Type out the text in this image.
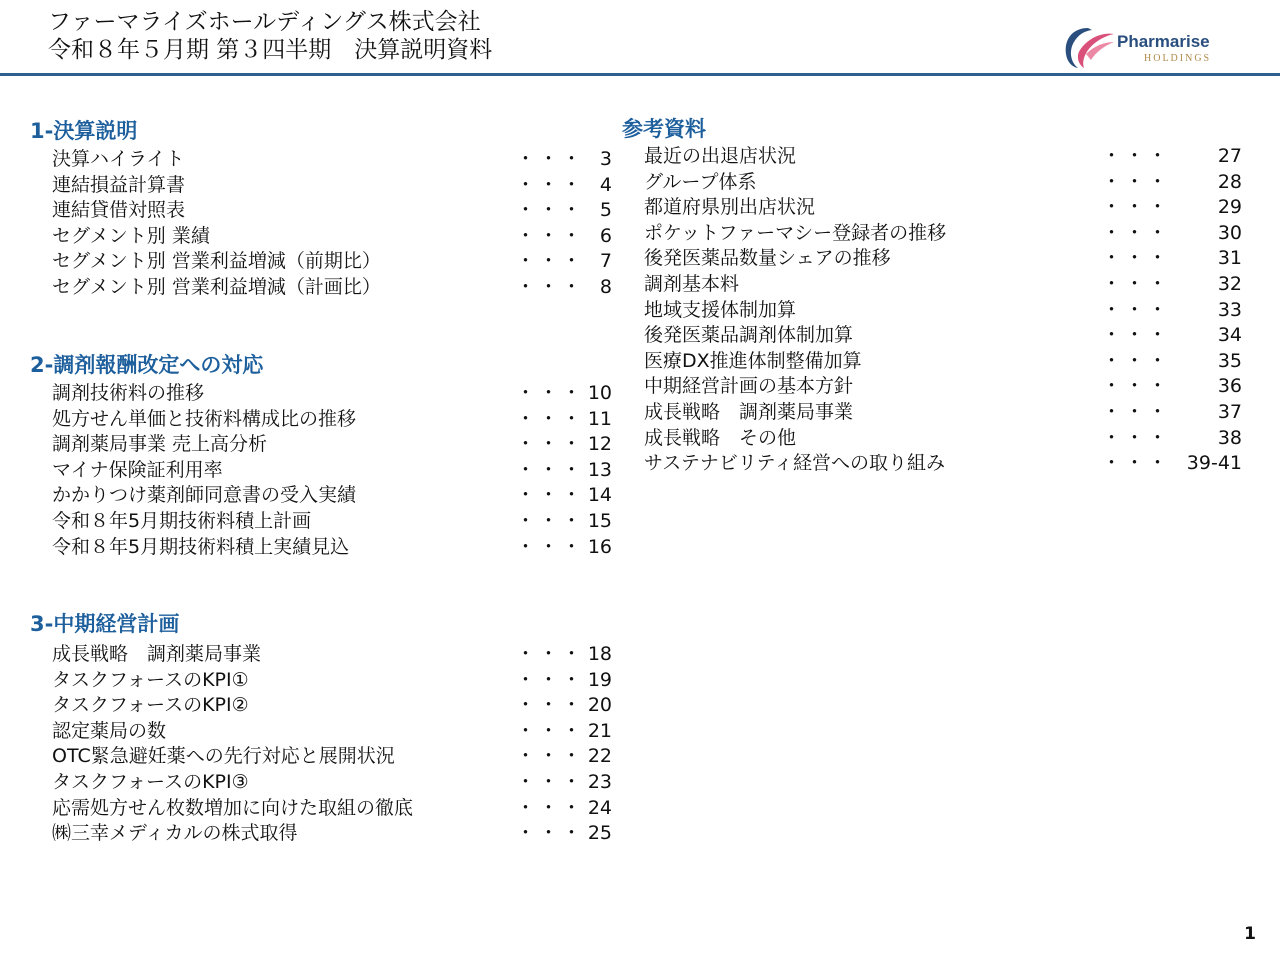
ファーマライズホールディングス株式会社
令和８年５月期 第３四半期　決算説明資料	Pharmarise
HOLDINGS
1-決算説明
決算ハイライト	・・・ 3
連結損益計算書	・・・ 4
連結貸借対照表	・・・ 5
セグメント別 業績	・・・ 6
セグメント別 営業利益増減（前期比）	・・・ 7
セグメント別 営業利益増減（計画比）	・・・ 8
2-調剤報酬改定への対応
調剤技術料の推移	・・・ 10
処方せん単価と技術料構成比の推移	・・・ 11
調剤薬局事業 売上高分析	・・・ 12
マイナ保険証利用率	・・・ 13
かかりつけ薬剤師同意書の受入実績	・・・ 14
令和８年5月期技術料積上計画	・・・ 15
令和８年5月期技術料積上実績見込	・・・ 16
3-中期経営計画
成長戦略　調剤薬局事業	・・・ 18
タスクフォースのKPI①	・・・ 19
タスクフォースのKPI②	・・・ 20
認定薬局の数	・・・ 21
OTC緊急避妊薬への先行対応と展開状況	・・・ 22
タスクフォースのKPI③	・・・ 23
応需処方せん枚数増加に向けた取組の徹底	・・・ 24
㈱三幸メディカルの株式取得	・・・ 25
参考資料
最近の出退店状況	・・・	27
グループ体系	・・・	28
都道府県別出店状況	・・・	29
ポケットファーマシー登録者の推移	・・・	30
後発医薬品数量シェアの推移	・・・	31
調剤基本料	・・・	32
地域支援体制加算	・・・	33
後発医薬品調剤体制加算	・・・	34
医療DX推進体制整備加算	・・・	35
中期経営計画の基本方針	・・・	36
成長戦略　調剤薬局事業	・・・	37
成長戦略　その他	・・・	38
サステナビリティ経営への取り組み	・・・ 39-41
1
